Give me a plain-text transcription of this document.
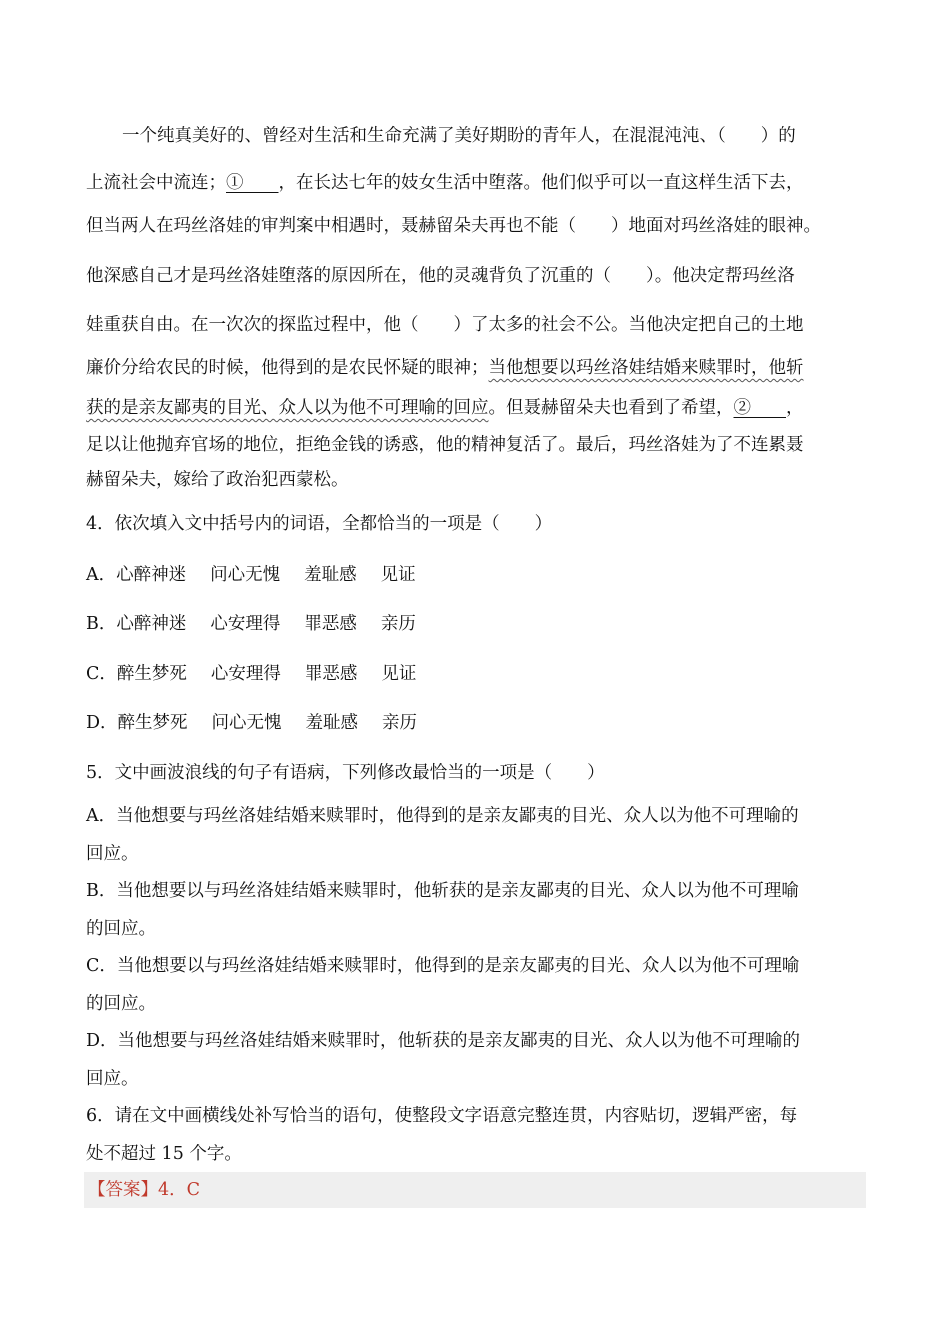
一个纯真美好的、曾经对生活和生命充满了美好期盼的青年人，在混混沌沌、（　　）的
上流社会中流连；①　　，在长达七年的妓女生活中堕落。他们似乎可以一直这样生活下去，
但当两人在玛丝洛娃的审判案中相遇时，聂赫留朵夫再也不能（　　）地面对玛丝洛娃的眼神。
他深感自己才是玛丝洛娃堕落的原因所在，他的灵魂背负了沉重的（　　）。他决定帮玛丝洛
娃重获自由。在一次次的探监过程中，他（　　）了太多的社会不公。当他决定把自己的土地
廉价分给农民的时候，他得到的是农民怀疑的眼神；当他想要以玛丝洛娃结婚来赎罪时，他斩
获的是亲友鄙夷的目光、众人以为他不可理喻的回应。但聂赫留朵夫也看到了希望，②　　，
足以让他抛弃官场的地位，拒绝金钱的诱惑，他的精神复活了。最后，玛丝洛娃为了不连累聂
赫留朵夫，嫁给了政治犯西蒙松。
4．依次填入文中括号内的词语，全都恰当的一项是（　　）
A．心醉神迷 问心无愧 羞耻感 见证
B．心醉神迷 心安理得 罪恶感 亲历
C．醉生梦死 心安理得 罪恶感 见证
D．醉生梦死 问心无愧 羞耻感 亲历
5．文中画波浪线的句子有语病，下列修改最恰当的一项是（　　）
A．当他想要与玛丝洛娃结婚来赎罪时，他得到的是亲友鄙夷的目光、众人以为他不可理喻的
回应。
B．当他想要以与玛丝洛娃结婚来赎罪时，他斩获的是亲友鄙夷的目光、众人以为他不可理喻
的回应。
C．当他想要以与玛丝洛娃结婚来赎罪时，他得到的是亲友鄙夷的目光、众人以为他不可理喻
的回应。
D．当他想要与玛丝洛娃结婚来赎罪时，他斩获的是亲友鄙夷的目光、众人以为他不可理喻的
回应。
6．请在文中画横线处补写恰当的语句，使整段文字语意完整连贯，内容贴切，逻辑严密，每
处不超过 15 个字。
【答案】4．C
